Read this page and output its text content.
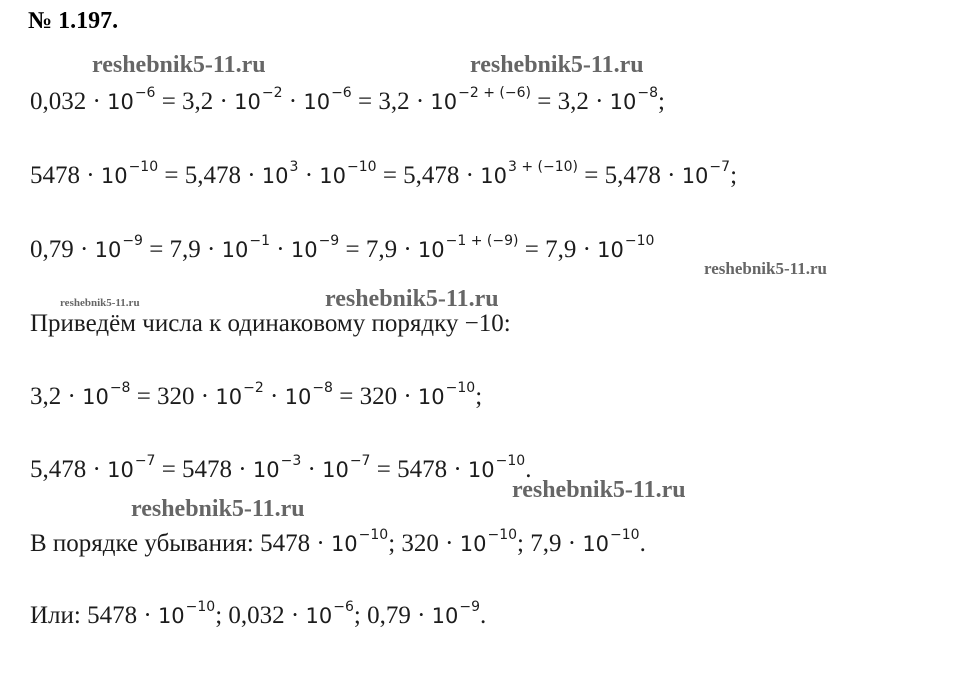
№ 1.197.
reshebnik5-11.ru	reshebnik5-11.ru
reshebnik5-11.ru
reshebnik5-11.ru	reshebnik5-11.ru
reshebnik5-11.ru
reshebnik5-11.ru
$0,032 \cdot 10^{-6} = 3,2 \cdot 10^{-2} \cdot 10^{-6} = 3,2 \cdot 10^{-2 + (-6)} = 3,2 \cdot 10^{-8}$;
$5478 \cdot 10^{-10} = 5,478 \cdot 10^3 \cdot 10^{-10} = 5,478 \cdot 10^{3 + (-10)} = 5,478 \cdot 10^{-7}$;
$0,79 \cdot 10^{-9} = 7,9 \cdot 10^{-1} \cdot 10^{-9} = 7,9 \cdot 10^{-1 + (-9)} = 7,9 \cdot 10^{-10}$
Приведём числа к одинаковому порядку −10:
$3,2 \cdot 10^{-8} = 320 \cdot 10^{-2} \cdot 10^{-8} = 320 \cdot 10^{-10}$;
$5,478 \cdot 10^{-7} = 5478 \cdot 10^{-3} \cdot 10^{-7} = 5478 \cdot 10^{-10}$.
В порядке убывания: $5478 \cdot 10^{-10}$; $320 \cdot 10^{-10}$; $7,9 \cdot 10^{-10}$.
Или: $5478 \cdot 10^{-10}$; $0,032 \cdot 10^{-6}$; $0,79 \cdot 10^{-9}$.
